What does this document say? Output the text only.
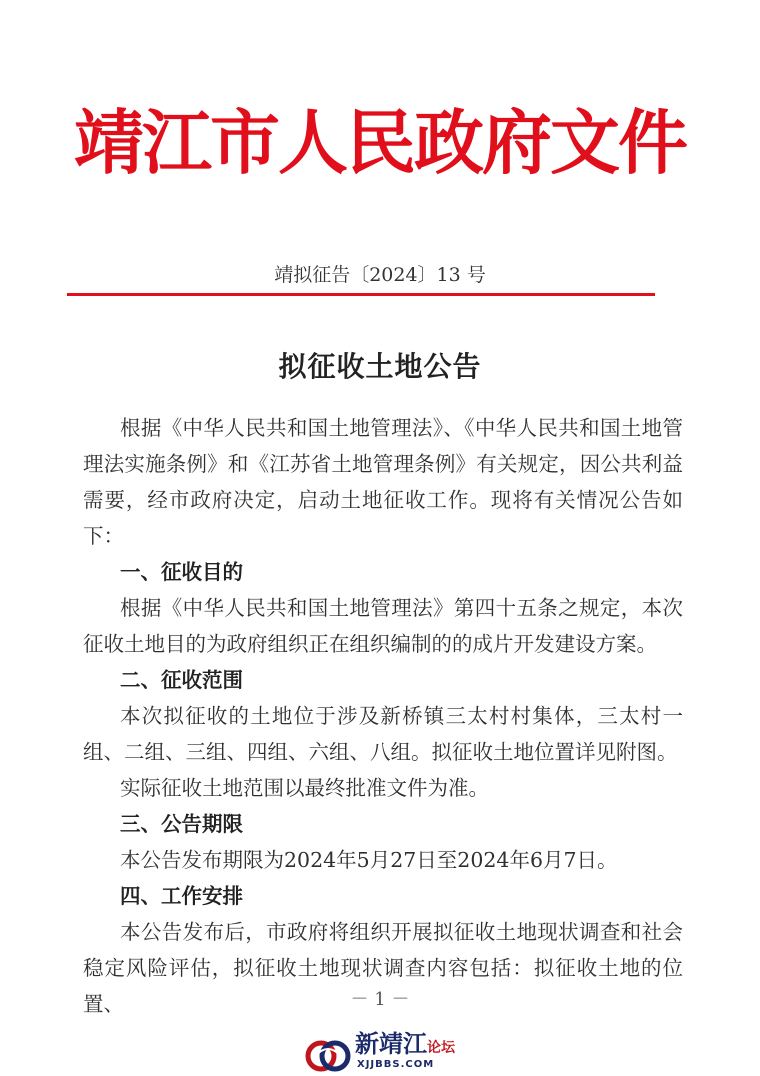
靖江市人民政府文件
靖拟征告〔2024〕13 号
拟征收土地公告

根据《中华人民共和国土地管理法》、《中华人民共和国土地管理法实施条例》和《江苏省土地管理条例》有关规定，因公共利益需要，经市政府决定，启动土地征收工作。现将有关情况公告如下：

一、征收目的

根据《中华人民共和国土地管理法》第四十五条之规定，本次征收土地目的为政府组织正在组织编制的的成片开发建设方案。

二、征收范围

本次拟征收的土地位于涉及新桥镇三太村村集体，三太村一组、二组、三组、四组、六组、八组。拟征收土地位置详见附图。

实际征收土地范围以最终批准文件为准。

三、公告期限

本公告发布期限为2024年5月27日至2024年6月7日。

四、工作安排

本公告发布后，市政府将组织开展拟征收土地现状调查和社会稳定风险评估，拟征收土地现状调查内容包括：拟征收土地的位置、	－ 1 －
新靖江论坛
XJJBBS.COM
